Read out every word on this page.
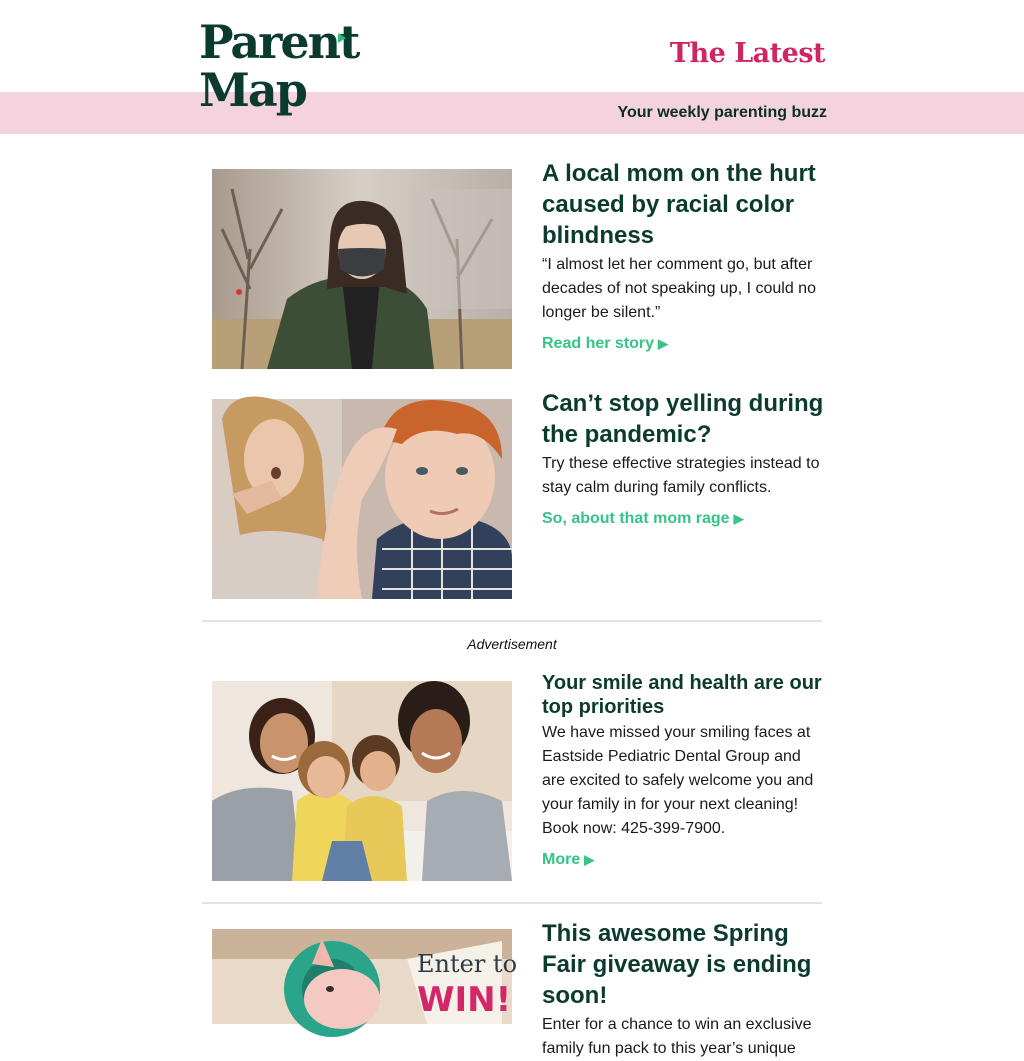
Parent
Map
The Latest
Your weekly parenting buzz
A local mom on the hurt caused by racial color blindness
“I almost let her comment go, but after decades of not speaking up, I could no longer be silent.”
Read her story ▶
Can’t stop yelling during the pandemic?
Try these effective strategies instead to stay calm during family conflicts.
So, about that mom rage ▶
Advertisement
Your smile and health are our top priorities
We have missed your smiling faces at Eastside Pediatric Dental Group and are excited to safely welcome you and your family in for your next cleaning! Book now: 425-399-7900.
More ▶
Enter to
WIN!
This awesome Spring Fair giveaway is ending soon!
Enter for a chance to win an exclusive family fun pack to this year’s unique
